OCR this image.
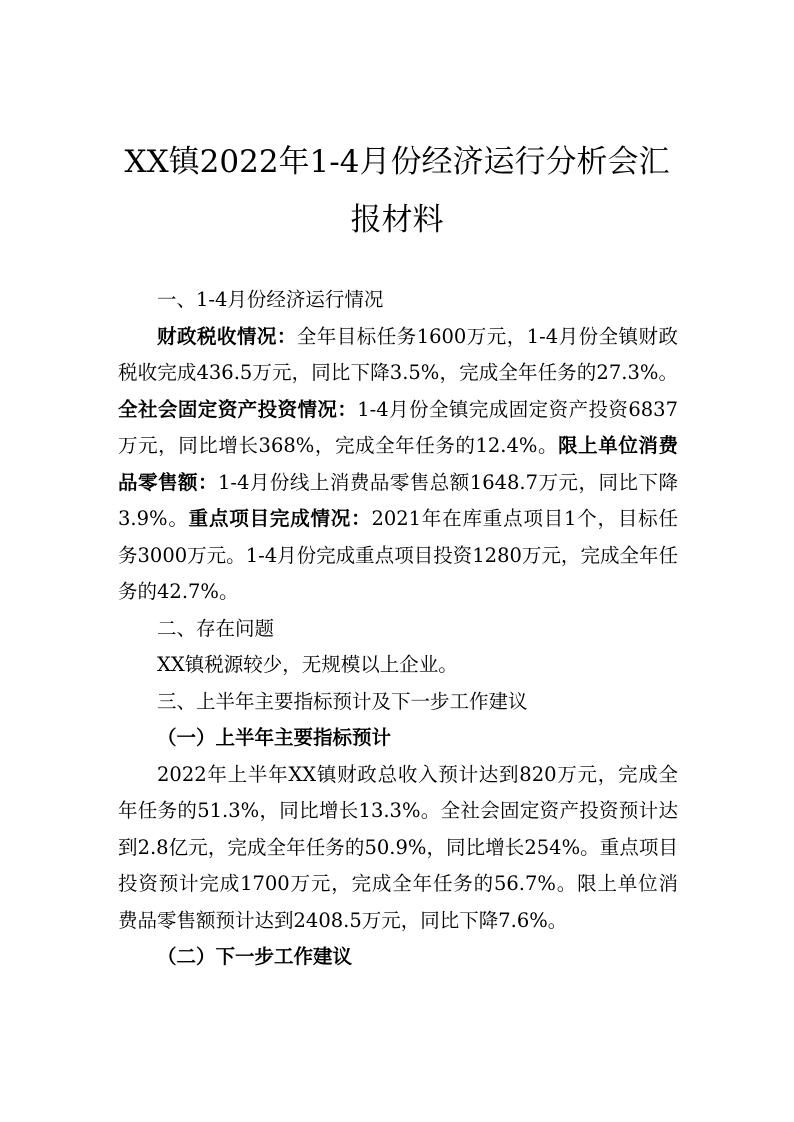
XX镇2022年1-4月份经济运行分析会汇
报材料

一、1-4月份经济运行情况

财政税收情况：全年目标任务1600万元，1-4月份全镇财政税收完成436.5万元，同比下降3.5%，完成全年任务的27.3%。全社会固定资产投资情况：1-4月份全镇完成固定资产投资6837万元，同比增长368%，完成全年任务的12.4%。限上单位消费品零售额：1-4月份线上消费品零售总额1648.7万元，同比下降3.9%。重点项目完成情况：2021年在库重点项目1个，目标任务3000万元。1-4月份完成重点项目投资1280万元，完成全年任务的42.7%。

二、存在问题

XX镇税源较少，无规模以上企业。

三、上半年主要指标预计及下一步工作建议

（一）上半年主要指标预计

2022年上半年XX镇财政总收入预计达到820万元，完成全年任务的51.3%，同比增长13.3%。全社会固定资产投资预计达到2.8亿元，完成全年任务的50.9%，同比增长254%。重点项目投资预计完成1700万元，完成全年任务的56.7%。限上单位消费品零售额预计达到2408.5万元，同比下降7.6%。

（二）下一步工作建议
